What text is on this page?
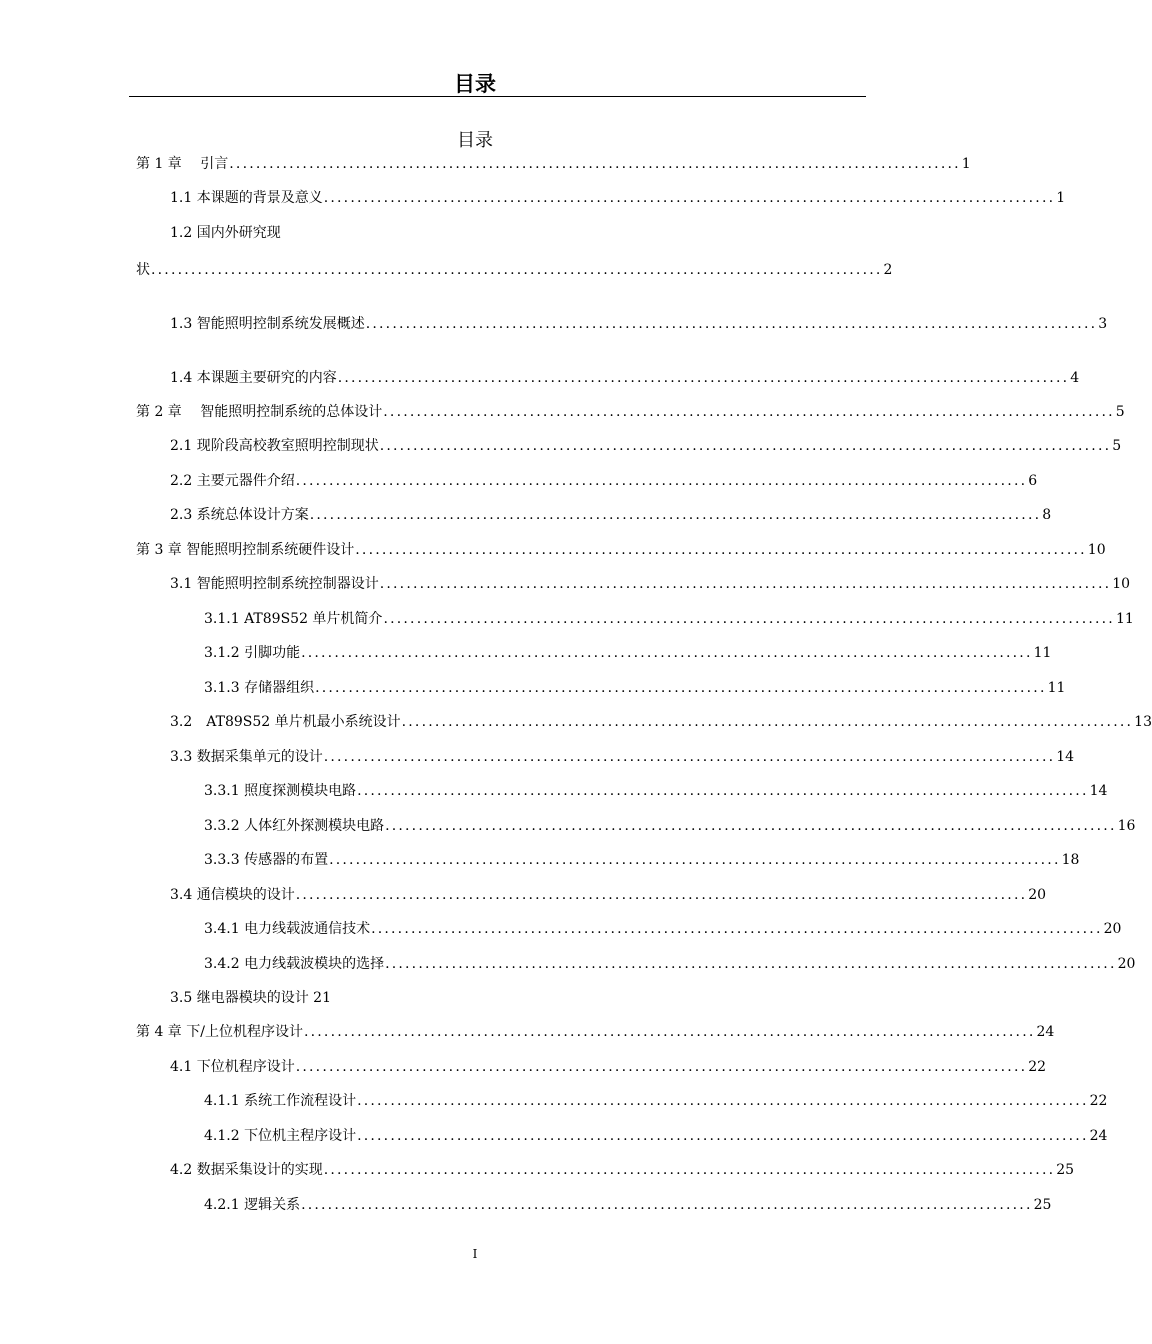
目录
目录
第 1 章　 引言 .............................................................................................................. 1
1.1 本课题的背景及意义 .............................................................................................................. 1
1.2 国内外研究现
状 .............................................................................................................. 2
1.3 智能照明控制系统发展概述 .............................................................................................................. 3
1.4 本课题主要研究的内容 .............................................................................................................. 4
第 2 章　 智能照明控制系统的总体设计 .............................................................................................................. 5
2.1 现阶段高校教室照明控制现状 .............................................................................................................. 5
2.2 主要元器件介绍 .............................................................................................................. 6
2.3 系统总体设计方案 .............................................................................................................. 8
第 3 章 智能照明控制系统硬件设计 .............................................................................................................. 10
3.1 智能照明控制系统控制器设计 .............................................................................................................. 10
3.1.1 AT89S52 单片机简介 .............................................................................................................. 11
3.1.2 引脚功能 .............................................................................................................. 11
3.1.3 存储器组织 .............................................................................................................. 11
3.2　AT89S52 单片机最小系统设计 .............................................................................................................. 13
3.3 数据采集单元的设计 .............................................................................................................. 14
3.3.1 照度探测模块电路 .............................................................................................................. 14
3.3.2 人体红外探测模块电路 .............................................................................................................. 16
3.3.3 传感器的布置 .............................................................................................................. 18
3.4 通信模块的设计 .............................................................................................................. 20
3.4.1 电力线载波通信技术 .............................................................................................................. 20
3.4.2 电力线载波模块的选择 .............................................................................................................. 20
3.5 继电器模块的设计 21
第 4 章 下/上位机程序设计 .............................................................................................................. 24
4.1 下位机程序设计 .............................................................................................................. 22
4.1.1 系统工作流程设计 .............................................................................................................. 22
4.1.2 下位机主程序设计 .............................................................................................................. 24
4.2 数据采集设计的实现 .............................................................................................................. 25
4.2.1 逻辑关系 .............................................................................................................. 25
I
